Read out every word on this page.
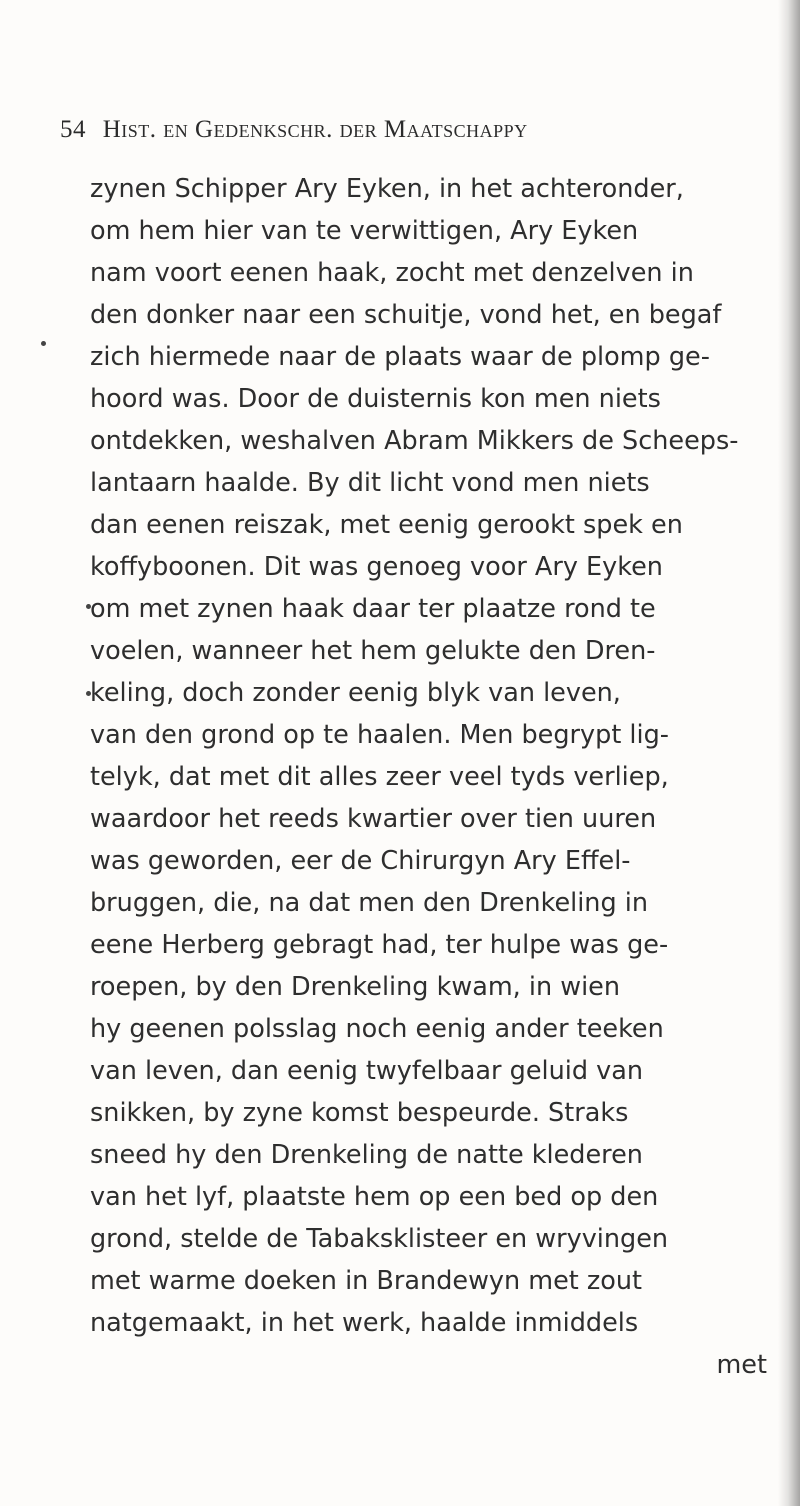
54 Hist. en Gedenkschr. der Maatschappy
zynen Schipper Ary Eyken, in het achteronder,
om hem hier van te verwittigen, Ary Eyken
nam voort eenen haak, zocht met denzelven in
den donker naar een schuitje, vond het, en begaf
zich hiermede naar de plaats waar de plomp ge-
hoord was. Door de duisternis kon men niets
ontdekken, weshalven Abram Mikkers de Scheeps-
lantaarn haalde. By dit licht vond men niets
dan eenen reiszak, met eenig gerookt spek en
koffyboonen. Dit was genoeg voor Ary Eyken
om met zynen haak daar ter plaatze rond te
voelen, wanneer het hem gelukte den Dren-
keling, doch zonder eenig blyk van leven,
van den grond op te haalen. Men begrypt lig-
telyk, dat met dit alles zeer veel tyds verliep,
waardoor het reeds kwartier over tien uuren
was geworden, eer de Chirurgyn Ary Effel-
bruggen, die, na dat men den Drenkeling in
eene Herberg gebragt had, ter hulpe was ge-
roepen, by den Drenkeling kwam, in wien
hy geenen polsslag noch eenig ander teeken
van leven, dan eenig twyfelbaar geluid van
snikken, by zyne komst bespeurde. Straks
sneed hy den Drenkeling de natte klederen
van het lyf, plaatste hem op een bed op den
grond, stelde de Tabaksklisteer en wryvingen
met warme doeken in Brandewyn met zout
natgemaakt, in het werk, haalde inmiddels
met
